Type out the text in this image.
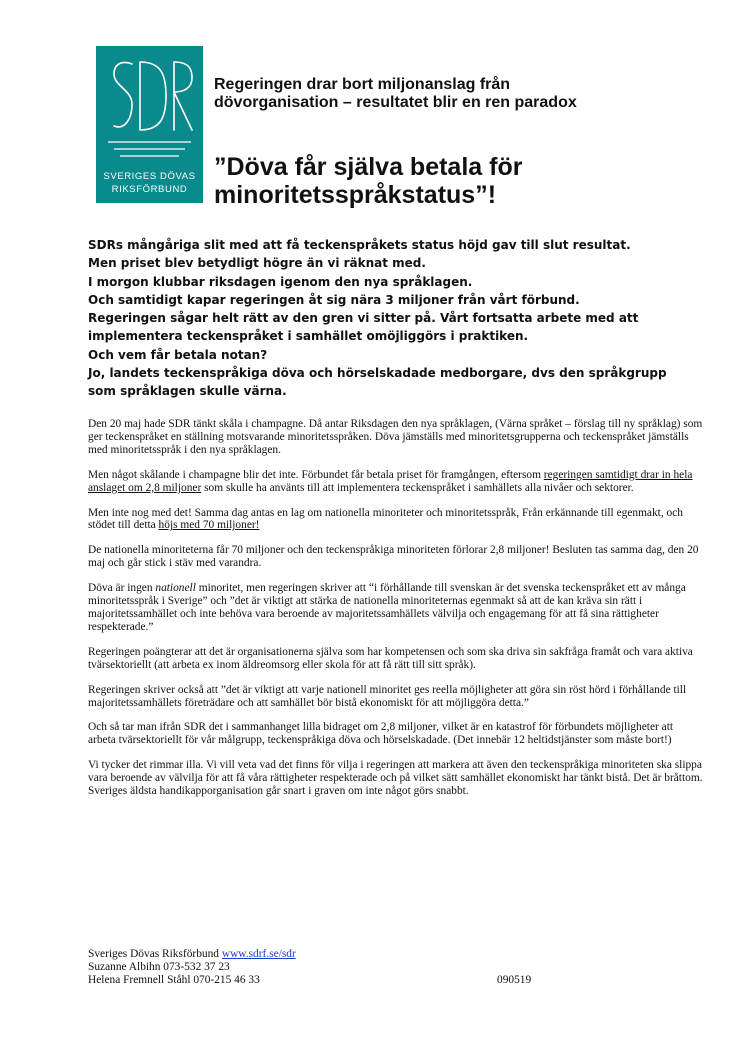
SVERIGES DÖVAS
RIKSFÖRBUND
Regeringen drar bort miljonanslag från dövorganisation – resultatet blir en ren paradox
”Döva får själva betala för minoritetsspråkstatus”!

SDRs mångåriga slit med att få teckenspråkets status höjd gav till slut resultat.

Men priset blev betydligt högre än vi räknat med.

I morgon klubbar riksdagen igenom den nya språklagen.

Och samtidigt kapar regeringen åt sig nära 3 miljoner från vårt förbund.

Regeringen sågar helt rätt av den gren vi sitter på. Vårt fortsatta arbete med att implementera teckenspråket i samhället omöjliggörs i praktiken.

Och vem får betala notan?

Jo, landets teckenspråkiga döva och hörselskadade medborgare, dvs den språkgrupp som språklagen skulle värna.

Den 20 maj hade SDR tänkt skåla i champagne. Då antar Riksdagen den nya språklagen, (Värna språket – förslag till ny språklag) som ger teckenspråket en ställning motsvarande minoritetsspråken. Döva jämställs med minoritetsgrupperna och teckenspråket jämställs med minoritetsspråk i den nya språklagen.

Men något skålande i champagne blir det inte. Förbundet får betala priset för framgången, eftersom regeringen samtidigt drar in hela anslaget om 2,8 miljoner som skulle ha använts till att implementera teckenspråket i samhällets alla nivåer och sektorer.

Men inte nog med det! Samma dag antas en lag om nationella minoriteter och minoritetsspråk, Från erkännande till egenmakt, och stödet till detta höjs med 70 miljoner!

De nationella minoriteterna får 70 miljoner och den teckenspråkiga minoriteten förlorar 2,8 miljoner! Besluten tas samma dag, den 20 maj och går stick i stäv med varandra.

Döva är ingen nationell minoritet, men regeringen skriver att “i förhållande till svenskan är det svenska teckenspråket ett av många minoritetsspråk i Sverige” och ”det är viktigt att stärka de nationella minoriteternas egenmakt så att de kan kräva sin rätt i majoritetssamhället och inte behöva vara beroende av majoritetssamhällets välvilja och engagemang för att få sina rättigheter respekterade.”

Regeringen poängterar att det är organisationerna själva som har kompetensen och som ska driva sin sakfråga framåt och vara aktiva tvärsektoriellt (att arbeta ex inom äldreomsorg eller skola för att få rätt till sitt språk).

Regeringen skriver också att ”det är viktigt att varje nationell minoritet ges reella möjligheter att göra sin röst hörd i förhållande till majoritetssamhällets företrädare och att samhället bör bistå ekonomiskt för att möjliggöra detta.”

Och så tar man ifrån SDR det i sammanhanget lilla bidraget om 2,8 miljoner, vilket är en katastrof för förbundets möjligheter att arbeta tvärsektoriellt för vår målgrupp, teckenspråkiga döva och hörselskadade. (Det innebär 12 heltidstjänster som måste bort!)

Vi tycker det rimmar illa. Vi vill veta vad det finns för vilja i regeringen att markera att även den teckenspråkiga minoriteten ska slippa vara beroende av välvilja för att få våra rättigheter respekterade och på vilket sätt samhället ekonomiskt har tänkt bistå. Det är bråttom. Sveriges äldsta handikapporganisation går snart i graven om inte något görs snabbt.

Sveriges Dövas Riksförbund www.sdrf.se/sdr
Suzanne Albihn 073-532 37 23
Helena Fremnell Ståhl 070-215 46 33	090519
